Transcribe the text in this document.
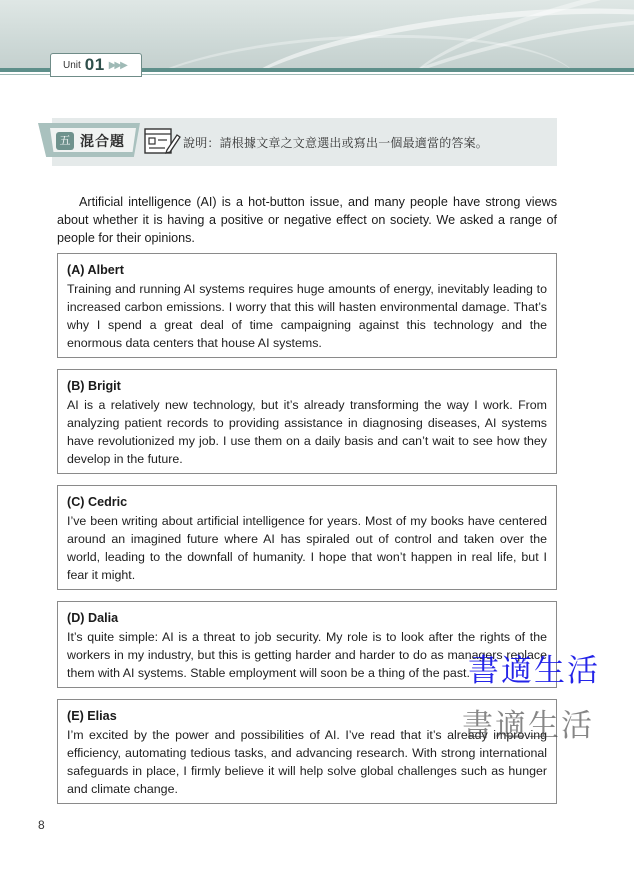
Unit 01 ▶▶▶
五 混合題	說明：請根據文章之文意選出或寫出一個最適當的答案。

Artificial intelligence (AI) is a hot-button issue, and many people have strong views about whether it is having a positive or negative effect on society. We asked a range of people for their opinions.

(A) Albert
Training and running AI systems requires huge amounts of energy, inevitably leading to increased carbon emissions. I worry that this will hasten environmental damage. That’s why I spend a great deal of time campaigning against this technology and the enormous data centers that house AI systems.
(B) Brigit
AI is a relatively new technology, but it’s already transforming the way I work. From analyzing patient records to providing assistance in diagnosing diseases, AI systems have revolutionized my job. I use them on a daily basis and can’t wait to see how they develop in the future.
(C) Cedric
I’ve been writing about artificial intelligence for years. Most of my books have centered around an imagined future where AI has spiraled out of control and taken over the world, leading to the downfall of humanity. I hope that won’t happen in real life, but I fear it might.
(D) Dalia
It’s quite simple: AI is a threat to job security. My role is to look after the rights of the workers in my industry, but this is getting harder and harder to do as managers replace them with AI systems. Stable employment will soon be a thing of the past.
(E) Elias
I’m excited by the power and possibilities of AI. I’ve read that it’s already improving efficiency, automating tedious tasks, and advancing research. With strong international safeguards in place, I firmly believe it will help solve global challenges such as hunger and climate change.
8
書適生活
書適生活
